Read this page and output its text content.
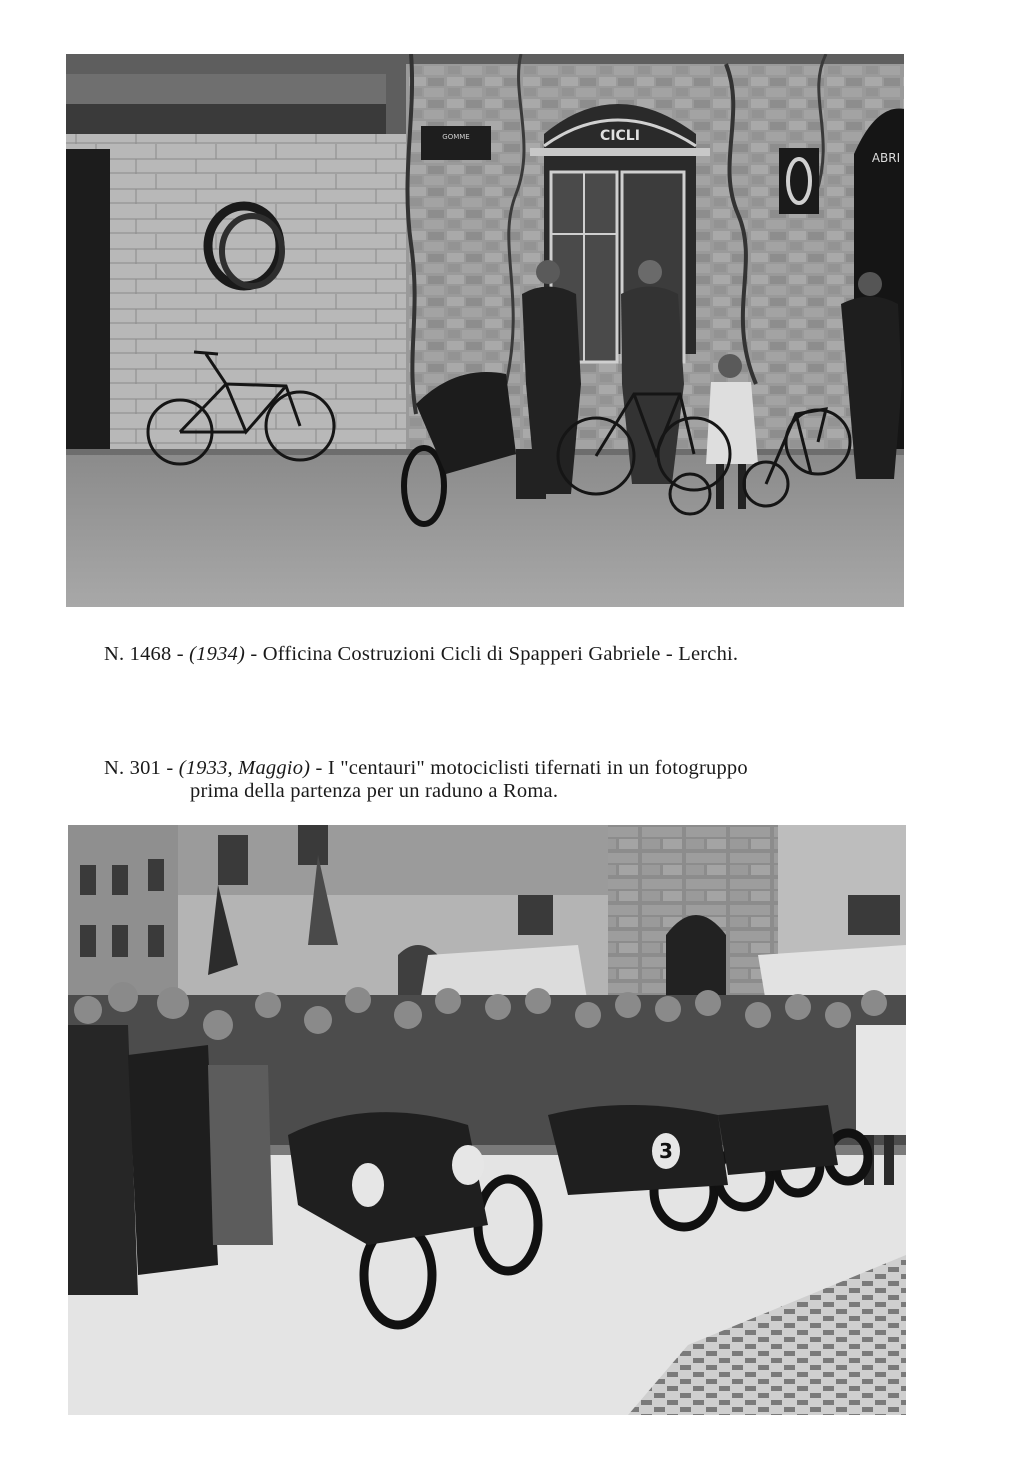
GOMME	CICLI
ABRI
N. 1468 - (1934) - Officina Costruzioni Cicli di Spapperi Gabriele - Lerchi.
N. 301 - (1933, Maggio) - I "centauri" motociclisti tifernati in un fotogruppo
prima della partenza per un raduno a Roma.
3
